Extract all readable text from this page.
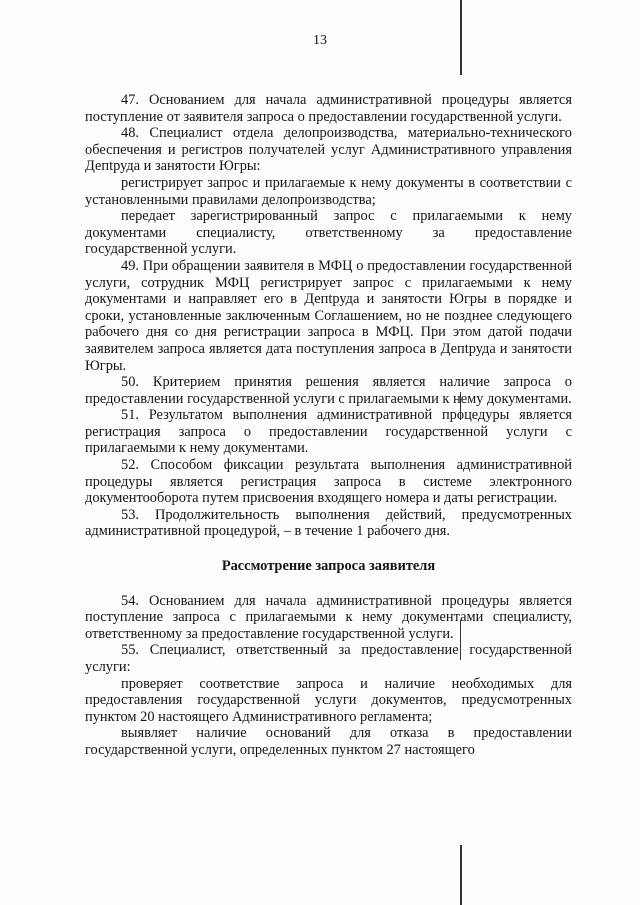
13

47. Основанием для начала административной процедуры является поступление от заявителя запроса о предоставлении государственной услуги.

48. Специалист отдела делопроизводства, материально-технического обеспечения и регистров получателей услуг Административного управления Депtруда и занятости Югры:

регистрирует запрос и прилагаемые к нему документы в соответствии с установленными правилами делопроизводства;

передает зарегистрированный запрос с прилагаемыми к нему документами специалисту, ответственному за предоставление государственной услуги.

49. При обращении заявителя в МФЦ о предоставлении государственной услуги, сотрудник МФЦ регистрирует запрос с прилагаемыми к нему документами и направляет его в Депtруда и занятости Югры в порядке и сроки, установленные заключенным Соглашением, но не позднее следующего рабочего дня со дня регистрации запроса в МФЦ. При этом датой подачи заявителем запроса является дата поступления запроса в Депtруда и занятости Югры.

50. Критерием принятия решения является наличие запроса о предоставлении государственной услуги с прилагаемыми к нему документами.

51. Результатом выполнения административной процедуры является регистрация запроса о предоставлении государственной услуги с прилагаемыми к нему документами.

52. Способом фиксации результата выполнения административной процедуры является регистрация запроса в системе электронного документооборота путем присвоения входящего номера и даты регистрации.

53. Продолжительность выполнения действий, предусмотренных административной процедурой, – в течение 1 рабочего дня.

Рассмотрение запроса заявителя

54. Основанием для начала административной процедуры является поступление запроса с прилагаемыми к нему документами специалисту, ответственному за предоставление государственной услуги.

55. Специалист, ответственный за предоставление государственной услуги:

проверяет соответствие запроса и наличие необходимых для предоставления государственной услуги документов, предусмотренных пунктом 20 настоящего Административного регламента;

выявляет наличие оснований для отказа в предоставлении государственной услуги, определенных пунктом 27 настоящего
